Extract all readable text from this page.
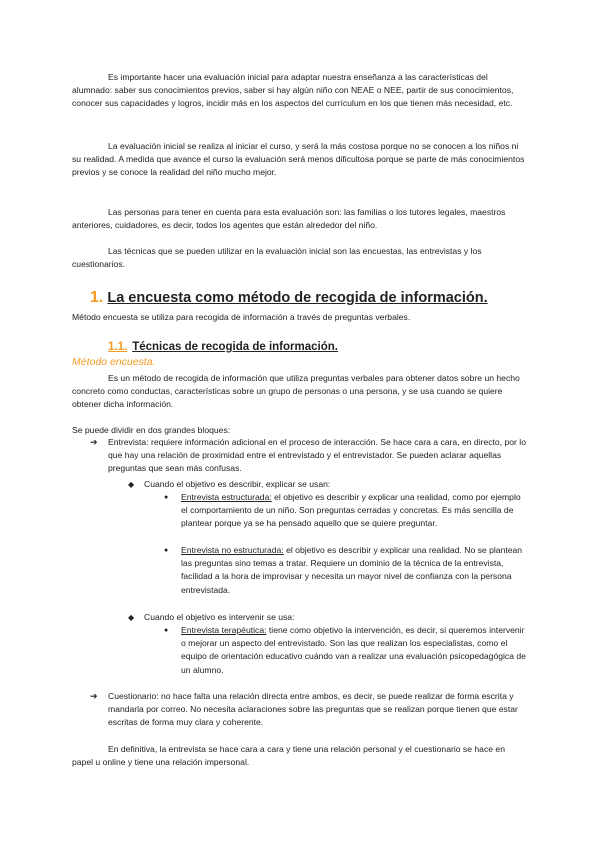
Es importante hacer una evaluación inicial para adaptar nuestra enseñanza a las características del alumnado: saber sus conocimientos previos, saber si hay algún niño con NEAE o NEE, partir de sus conocimientos, conocer sus capacidades y logros, incidir más en los aspectos del currículum en los que tienen más necesidad, etc.

La evaluación inicial se realiza al iniciar el curso, y será la más costosa porque no se conocen a los niños ni su realidad. A medida que avance el curso la evaluación será menos dificultosa porque se parte de más conocimientos previos y se conoce la realidad del niño mucho mejor.

Las personas para tener en cuenta para esta evaluación son: las familias o los tutores legales, maestros anteriores, cuidadores, es decir, todos los agentes que están alrededor del niño.

Las técnicas que se pueden utilizar en la evaluación inicial son las encuestas, las entrevistas y los cuestionarios.

1. La encuesta como método de recogida de información.

Método encuesta se utiliza para recogida de información a través de preguntas verbales.

1.1. Técnicas de recogida de información.

Método encuesta.

Es un método de recogida de información que utiliza preguntas verbales para obtener datos sobre un hecho concreto como conductas, características sobre un grupo de personas o una persona, y se usa cuando se quiere obtener dicha información.

Se puede dividir en dos grandes bloques:

➔ Entrevista: requiere información adicional en el proceso de interacción. Se hace cara a cara, en directo, por lo que hay una relación de proximidad entre el entrevistado y el entrevistador. Se pueden aclarar aquellas preguntas que sean más confusas.

◆ Cuando el objetivo es describir, explicar se usan:

● Entrevista estructurada: el objetivo es describir y explicar una realidad, como por ejemplo el comportamiento de un niño. Son preguntas cerradas y concretas. Es más sencilla de plantear porque ya se ha pensado aquello que se quiere preguntar.

● Entrevista no estructurada: el objetivo es describir y explicar una realidad. No se plantean las preguntas sino temas a tratar. Requiere un dominio de la técnica de la entrevista, facilidad a la hora de improvisar y necesita un mayor nivel de confianza con la persona entrevistada.

◆ Cuando el objetivo es intervenir se usa:

● Entrevista terapéutica: tiene como objetivo la intervención, es decir, si queremos intervenir o mejorar un aspecto del entrevistado. Son las que realizan los especialistas, como el equipo de orientación educativo cuándo van a realizar una evaluación psicopedagógica de un alumno.

➔ Cuestionario: no hace falta una relación directa entre ambos, es decir, se puede realizar de forma escrita y mandarla por correo. No necesita aclaraciones sobre las preguntas que se realizan porque tienen que estar escritas de forma muy clara y coherente.

En definitiva, la entrevista se hace cara a cara y tiene una relación personal y el cuestionario se hace en papel u online y tiene una relación impersonal.
